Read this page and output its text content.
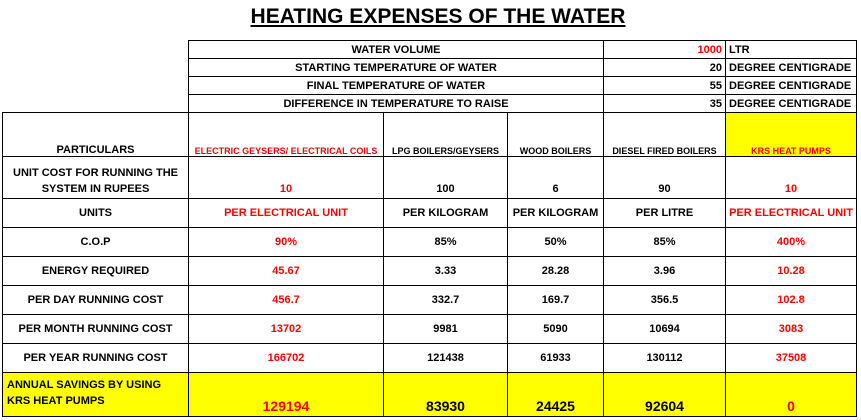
HEATING EXPENSES OF THE WATER
	WATER VOLUME			1000	LTR
	STARTING TEMPERATURE OF WATER			20	DEGREE CENTIGRADE
	FINAL TEMPERATURE OF WATER			55	DEGREE CENTIGRADE
	DIFFERENCE IN TEMPERATURE TO RAISE			35	DEGREE CENTIGRADE
PARTICULARS	ELECTRIC GEYSERS/ ELECTRICAL COILS	LPG BOILERS/GEYSERS	WOOD BOILERS	DIESEL FIRED BOILERS	KRS HEAT PUMPS
UNIT COST FOR RUNNING THE SYSTEM IN RUPEES	10	100	6	90	10
UNITS	PER ELECTRICAL UNIT	PER KILOGRAM	PER KILOGRAM	PER LITRE	PER ELECTRICAL UNIT
C.O.P	90%	85%	50%	85%	400%
ENERGY REQUIRED	45.67	3.33	28.28	3.96	10.28
PER DAY RUNNING COST	456.7	332.7	169.7	356.5	102.8
PER MONTH RUNNING COST	13702	9981	5090	10694	3083
PER YEAR RUNNING COST	166702	121438	61933	130112	37508
ANNUAL SAVINGS BY USING KRS HEAT PUMPS	129194	83930	24425	92604	0
